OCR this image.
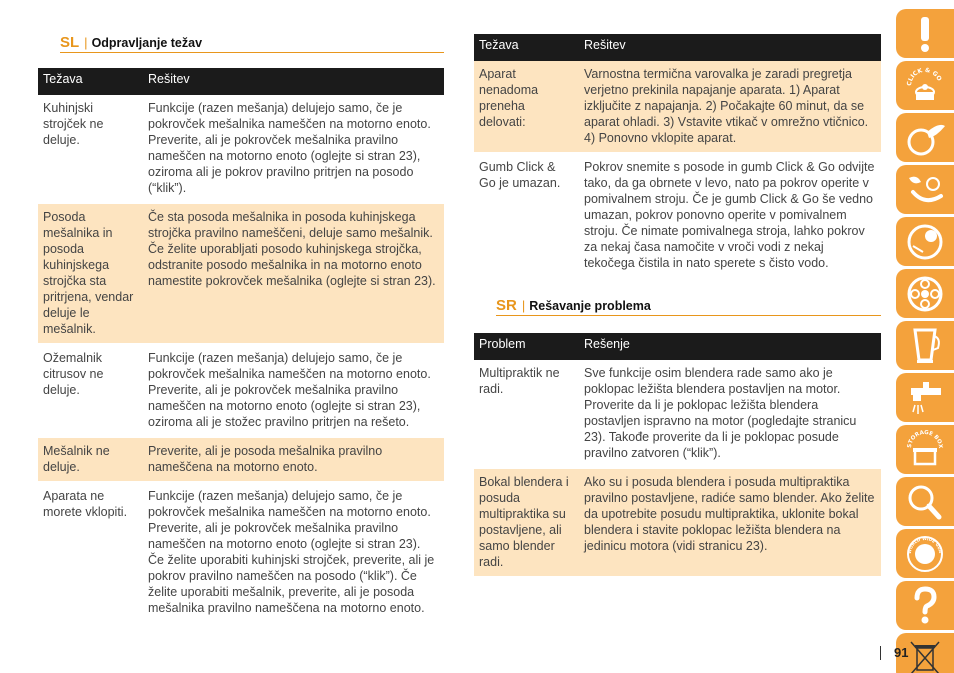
SL | Odpravljanje težav
Težava	Rešitev
Kuhinjski strojček ne deluje.	Funkcije (razen mešanja) delujejo samo, če je pokrovček mešalnika nameščen na motorno enoto. Preverite, ali je pokrovček mešalnika pravilno nameščen na motorno enoto (oglejte si stran 23), oziroma ali je pokrov pravilno pritrjen na posodo (“klik”).
Posoda mešalnika in posoda kuhinjskega strojčka sta pritrjena, vendar deluje le mešalnik.	Če sta posoda mešalnika in posoda kuhinjskega strojčka pravilno nameščeni, deluje samo mešalnik. Če želite uporabljati posodo kuhinjskega strojčka, odstranite posodo mešalnika in na motorno enoto namestite pokrovček mešalnika (oglejte si stran 23).
Ožemalnik citrusov ne deluje.	Funkcije (razen mešanja) delujejo samo, če je pokrovček mešalnika nameščen na motorno enoto. Preverite, ali je pokrovček mešalnika pravilno nameščen na motorno enoto (oglejte si stran 23), oziroma ali je stožec pravilno pritrjen na rešeto.
Mešalnik ne deluje.	Preverite, ali je posoda mešalnika pravilno nameščena na motorno enoto.
Aparata ne morete vklopiti.	Funkcije (razen mešanja) delujejo samo, če je pokrovček mešalnika nameščen na motorno enoto. Preverite, ali je pokrovček mešalnika pravilno nameščen na motorno enoto (oglejte si stran 23). Če želite uporabiti kuhinjski strojček, preverite, ali je pokrov pravilno nameščen na posodo (“klik”). Če želite uporabiti mešalnik, preverite, ali je posoda mešalnika pravilno nameščena na motorno enoto.
Težava	Rešitev
Aparat nenadoma preneha delovati:	Varnostna termična varovalka je zaradi pregretja verjetno prekinila napajanje aparata. 1) Aparat izključite z napajanja. 2) Počakajte 60 minut, da se aparat ohladi. 3) Vstavite vtikač v omrežno vtičnico. 4) Ponovno vklopite aparat.
Gumb Click & Go je umazan.	Pokrov snemite s posode in gumb Click & Go odvijte tako, da ga obrnete v levo, nato pa pokrov operite v pomivalnem stroju. Če je gumb Click & Go še vedno umazan, pokrov ponovno operite v pomivalnem stroju. Če nimate pomivalnega stroja, lahko pokrov za nekaj časa namočite v vroči vodi z nekaj tekočega čistila in nato sperete s čisto vodo.
SR | Rešavanje problema
Problem	Rešenje
Multipraktik ne radi.	Sve funkcije osim blendera rade samo ako je poklopac ležišta blendera postavljen na motor. Proverite da li je poklopac ležišta blendera postavljen ispravno na motor (pogledajte stranicu 23). Takođe proverite da li je poklopac posude pravilno zatvoren (“klik”).
Bokal blendera i posuda multipraktika su postavljene, ali samo blender radi.	Ako su i posuda blendera i posuda multipraktika pravilno postavljene, radiće samo blender. Ako želite da upotrebite posudu multipraktika, uklonite bokal blendera i stavite poklopac ležišta blendera na jedinicu motora (vidi stranicu 23).
CLICK & GO
STORAGE BOX
WORLD WIDE GUA
91
